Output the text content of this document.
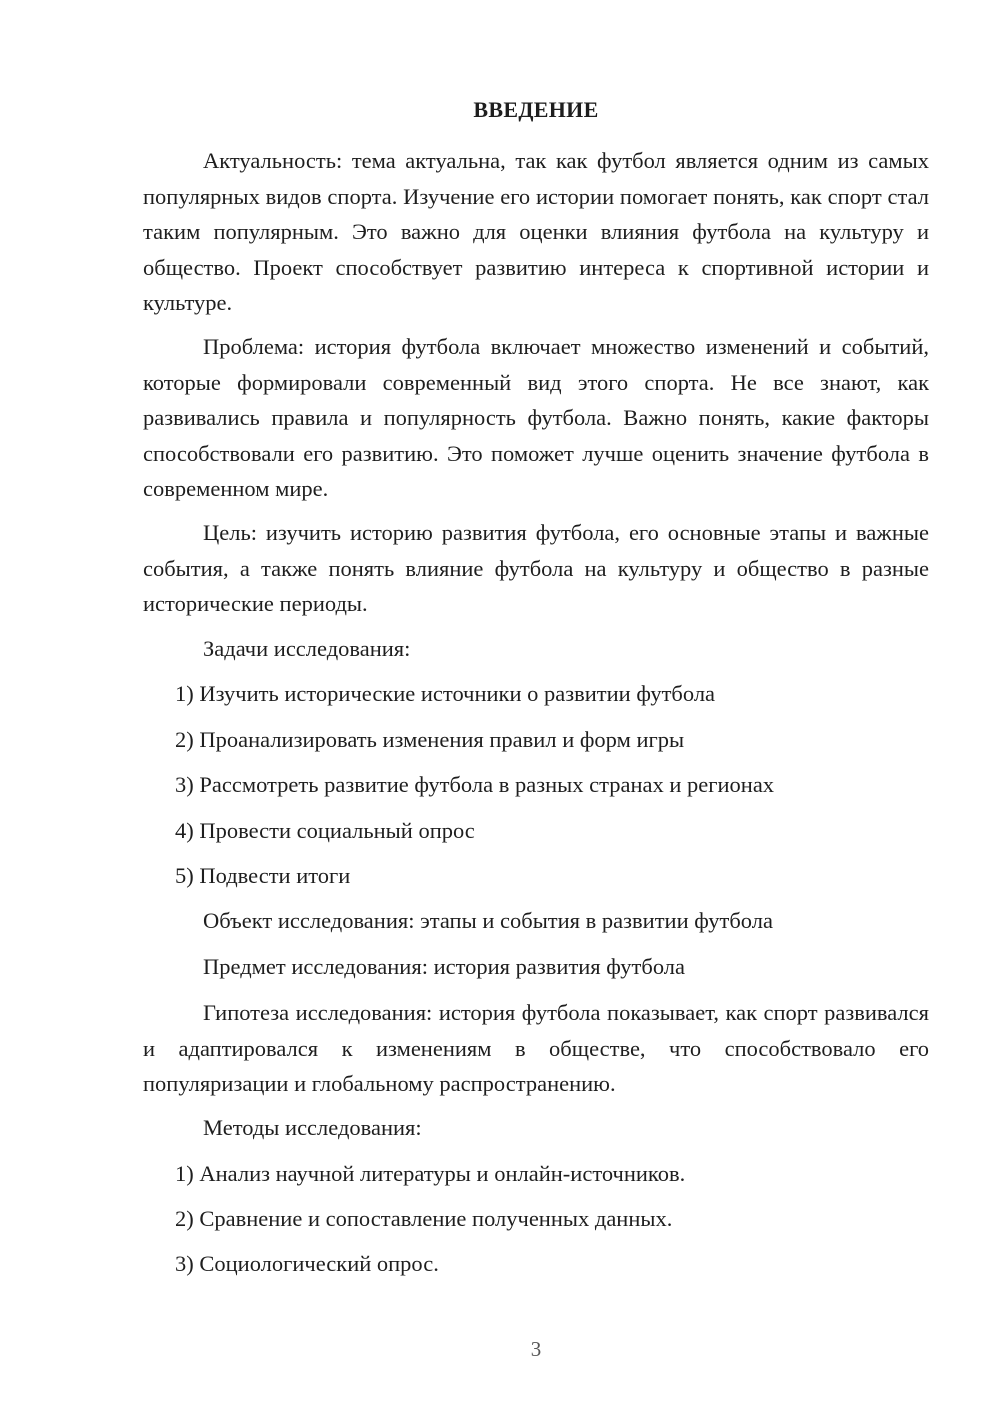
ВВЕДЕНИЕ

Актуальность: тема актуальна, так как футбол является одним из самых популярных видов спорта. Изучение его истории помогает понять, как спорт стал таким популярным. Это важно для оценки влияния футбола на культуру и общество. Проект способствует развитию интереса к спортивной истории и культуре.

Проблема: история футбола включает множество изменений и событий, которые формировали современный вид этого спорта. Не все знают, как развивались правила и популярность футбола. Важно понять, какие факторы способствовали его развитию. Это поможет лучше оценить значение футбола в современном мире.

Цель: изучить историю развития футбола, его основные этапы и важные события, а также понять влияние футбола на культуру и общество в разные исторические периоды.

Задачи исследования:

1) Изучить исторические источники о развитии футбола

2) Проанализировать изменения правил и форм игры

3) Рассмотреть развитие футбола в разных странах и регионах

4) Провести социальный опрос

5) Подвести итоги

Объект исследования: этапы и события в развитии футбола

Предмет исследования: история развития футбола

Гипотеза исследования: история футбола показывает, как спорт развивался и адаптировался к изменениям в обществе, что способствовало его популяризации и глобальному распространению.

Методы исследования:

1) Анализ научной литературы и онлайн-источников.

2) Сравнение и сопоставление полученных данных.

3) Социологический опрос.

3
